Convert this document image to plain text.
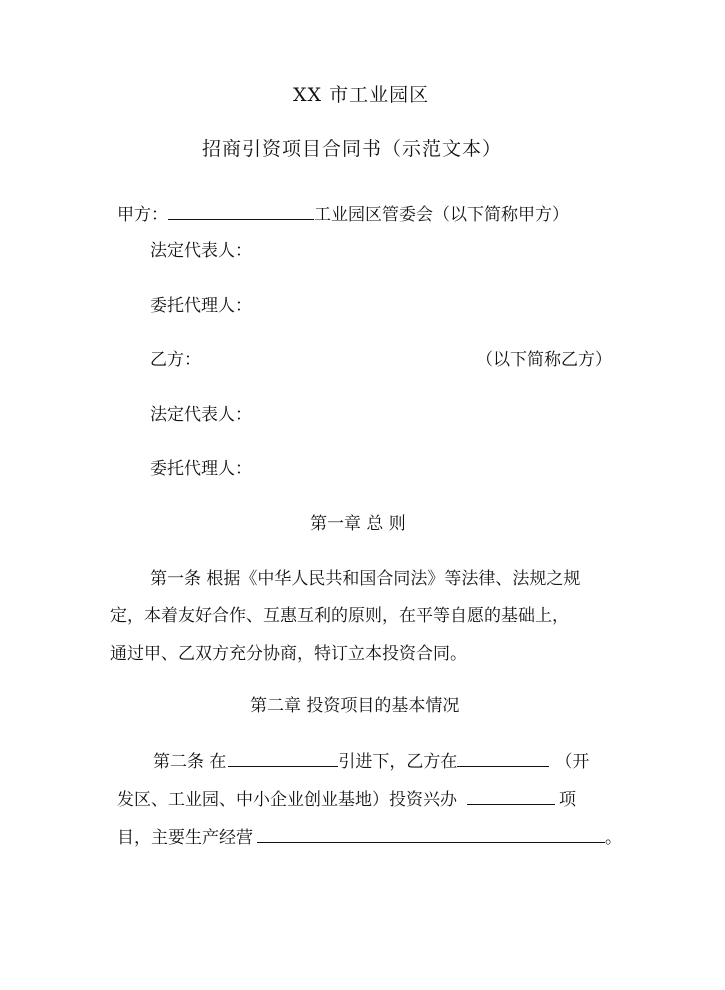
XX 市工业园区
招商引资项目合同书（示范文本）
甲方：	工业园区管委会（以下简称甲方）
法定代表人：
委托代理人：
乙方：	（以下简称乙方）
法定代表人：
委托代理人：
第一章 总 则
第一条 根据《中华人民共和国合同法》等法律、法规之规
定，本着友好合作、互惠互利的原则，在平等自愿的基础上，
通过甲、乙双方充分协商，特订立本投资合同。
第二章 投资项目的基本情况
第二条 在	引进下，乙方在	（开
发区、工业园、中小企业创业基地）投资兴办	项
目，主要生产经营	。
